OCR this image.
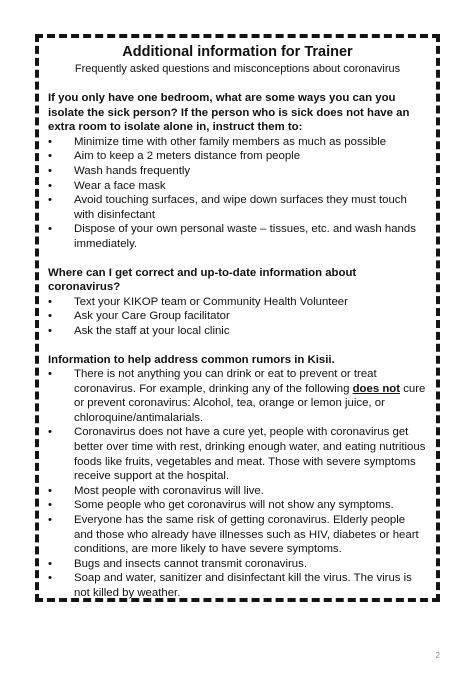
Additional information for Trainer

Frequently asked questions and misconceptions about coronavirus

If you only have one bedroom, what are some ways you can you isolate the sick person? If the person who is sick does not have an extra room to isolate alone in, instruct them to:

•	Minimize time with other family members as much as possible
•	Aim to keep a 2 meters distance from people
•	Wash hands frequently
•	Wear a face mask
•	Avoid touching surfaces, and wipe down surfaces they must touch with disinfectant
•	Dispose of your own personal waste – tissues, etc. and wash hands immediately.

Where can I get correct and up-to-date information about coronavirus?

•	Text your KIKOP team or Community Health Volunteer
•	Ask your Care Group facilitator
•	Ask the staff at your local clinic

Information to help address common rumors in Kisii.

•	There is not anything you can drink or eat to prevent or treat coronavirus. For example, drinking any of the following does not cure or prevent coronavirus: Alcohol, tea, orange or lemon juice, or chloroquine/antimalarials.
•	Coronavirus does not have a cure yet, people with coronavirus get better over time with rest, drinking enough water, and eating nutritious foods like fruits, vegetables and meat. Those with severe symptoms receive support at the hospital.
•	Most people with coronavirus will live.
•	Some people who get coronavirus will not show any symptoms.
•	Everyone has the same risk of getting coronavirus. Elderly people and those who already have illnesses such as HIV, diabetes or heart conditions, are more likely to have severe symptoms.
•	Bugs and insects cannot transmit coronavirus.
•	Soap and water, sanitizer and disinfectant kill the virus. The virus is not killed by weather.
2
